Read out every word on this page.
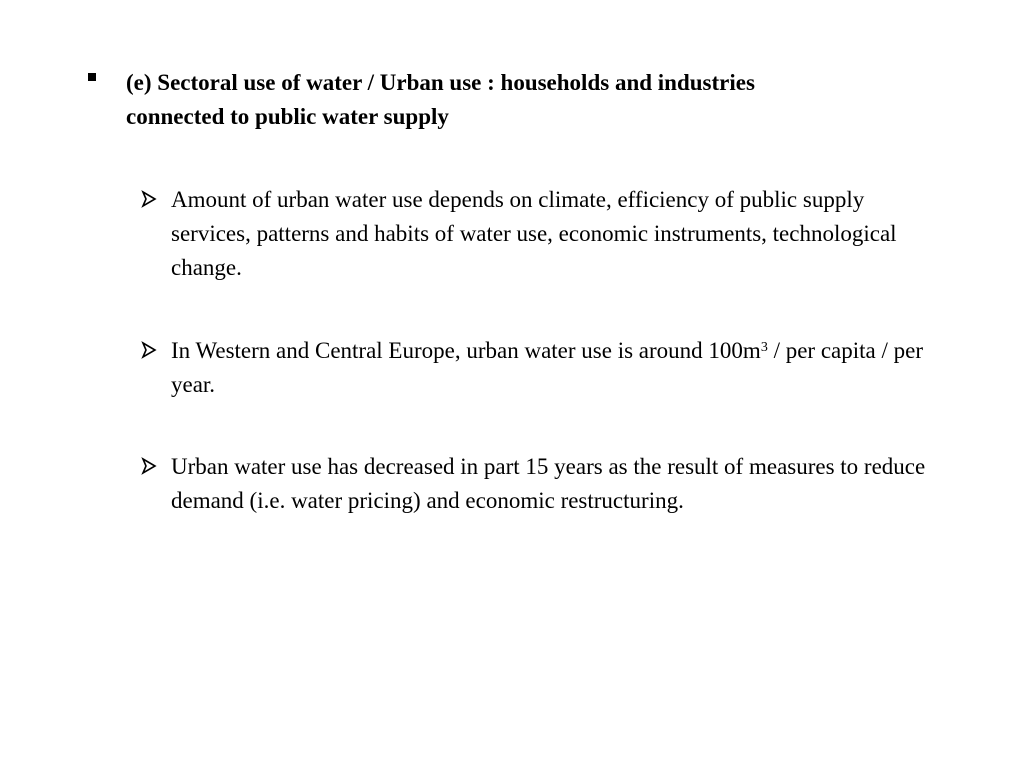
(e) Sectoral use of water / Urban use : households and industries
connected to public water supply
Amount of urban water use depends on climate, efficiency of public supply services, patterns and habits of water use, economic instruments, technological change.
In Western and Central Europe, urban water use is around $100m^3$ / per capita / per year.
Urban water use has decreased in part 15 years as the result of measures to reduce demand (i.e. water pricing) and economic restructuring.
